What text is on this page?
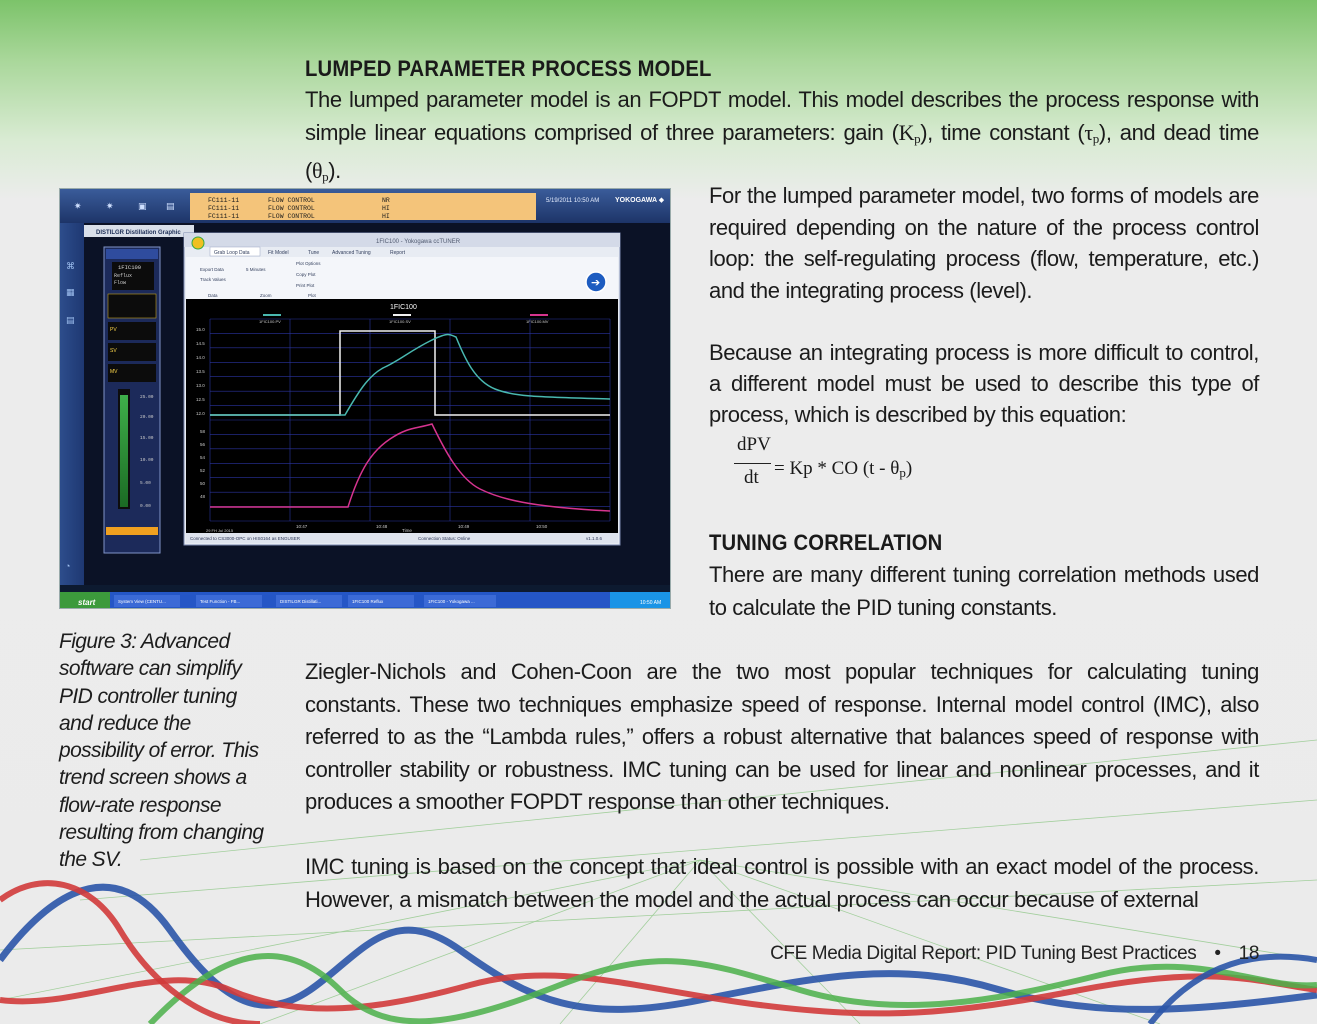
LUMPED PARAMETER PROCESS MODEL
The lumped parameter model is an FOPDT model. This model describes the process response with
simple linear equations comprised of three parameters: gain $(K_p)$, time constant $(\tau_p)$, and dead time $(\theta_p)$.
✷	✷	▣ ▤
FC111-11	FLOW CONTROL	NR
FC111-11	FLOW CONTROL	HI
FC111-11	FLOW CONTROL	HI
5/19/2011 10:50 AM YOKOGAWA ◆
⌘
▦
▤
◔
DISTILGR Distillation Graphic
1FIC100
Reflux
Flow
PV
SV
MV
25.00
20.00
15.00
10.00
5.00
0.00
1FIC100 - Yokogawa ccTUNER
Grab Loop Data	Fit Model	Tune	Advanced Tuning	Report
Export Data	5 Minutes
Plot Options
Track Values
Copy Plot
Print Plot
Data	Zoom	Plot
➔
1FIC100
1FIC100.PV	1FIC100.SV	1FIC100.MV
15.0
14.5
14.0
13.5
13.0
12.5
12.0
58
56
54
52
50
48
10:47	10:48	10:49	10:50
29 FH Jul 2015	Time
Connected to CS3000-OPC on HIS0164 as ENGUSER	Connection Status: Online	v1.1.0.6
start	System View (CENTU...	Test Function - FB...	DISTILGR Distillati...	1FIC100 Reflux	1FIC100 - Yokogawa ...	10:50 AM
Figure 3: Advanced software can simplify PID controller tuning and reduce the possibility of error. This trend screen shows a flow-rate response resulting from changing the SV.
For the lumped parameter model, two forms of models are required depending on the nature of the process control loop: the self-regulating process (flow, temperature, etc.) and the integrating process (level).
Because an integrating process is more difficult to control, a different model must be used to describe this type of process, which is described by this equation:
dPV
dt = Kp * CO $(t - \theta_p)$
TUNING CORRELATION
There are many different tuning correlation methods used to calculate the PID tuning constants.
Ziegler-Nichols and Cohen-Coon are the two most popular techniques for calculating tuning constants. These two techniques emphasize speed of response. Internal model control (IMC), also referred to as the “Lambda rules,” offers a robust alternative that balances speed of response with controller stability or robustness. IMC tuning can be used for linear and nonlinear processes, and it produces a smoother FOPDT response than other techniques.
IMC tuning is based on the concept that ideal control is possible with an exact model of the process. However, a mismatch between the model and the actual process can occur because of external
CFE Media Digital Report: PID Tuning Best Practices • 18
